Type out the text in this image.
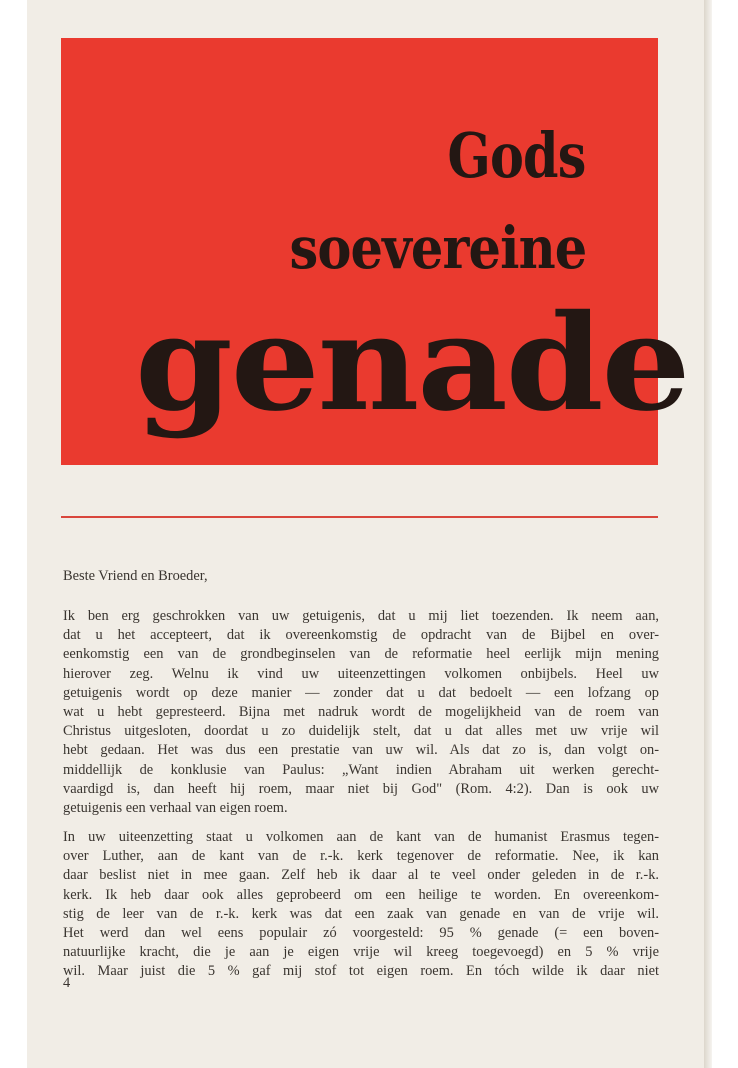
Gods

soevereine

genade

Beste Vriend en Broeder,

Ik ben erg geschrokken van uw getuigenis, dat u mij liet toezenden. Ik neem aan,
dat u het accepteert, dat ik overeenkomstig de opdracht van de Bijbel en over-
eenkomstig een van de grondbeginselen van de reformatie heel eerlijk mijn mening
hierover zeg. Welnu ik vind uw uiteenzettingen volkomen onbijbels. Heel uw
getuigenis wordt op deze manier — zonder dat u dat bedoelt — een lofzang op
wat u hebt gepresteerd. Bijna met nadruk wordt de mogelijkheid van de roem van
Christus uitgesloten, doordat u zo duidelijk stelt, dat u dat alles met uw vrije wil
hebt gedaan. Het was dus een prestatie van uw wil. Als dat zo is, dan volgt on-
middellijk de konklusie van Paulus: „Want indien Abraham uit werken gerecht-
vaardigd is, dan heeft hij roem, maar niet bij God" (Rom. 4:2). Dan is ook uw
getuigenis een verhaal van eigen roem.

In uw uiteenzetting staat u volkomen aan de kant van de humanist Erasmus tegen-
over Luther, aan de kant van de r.-k. kerk tegenover de reformatie. Nee, ik kan
daar beslist niet in mee gaan. Zelf heb ik daar al te veel onder geleden in de r.-k.
kerk. Ik heb daar ook alles geprobeerd om een heilige te worden. En overeenkom-
stig de leer van de r.-k. kerk was dat een zaak van genade en van de vrije wil.
Het werd dan wel eens populair zó voorgesteld: 95 % genade (= een boven-
natuurlijke kracht, die je aan je eigen vrije wil kreeg toegevoegd) en 5 % vrije
wil. Maar juist die 5 % gaf mij stof tot eigen roem. En tóch wilde ik daar niet

4
